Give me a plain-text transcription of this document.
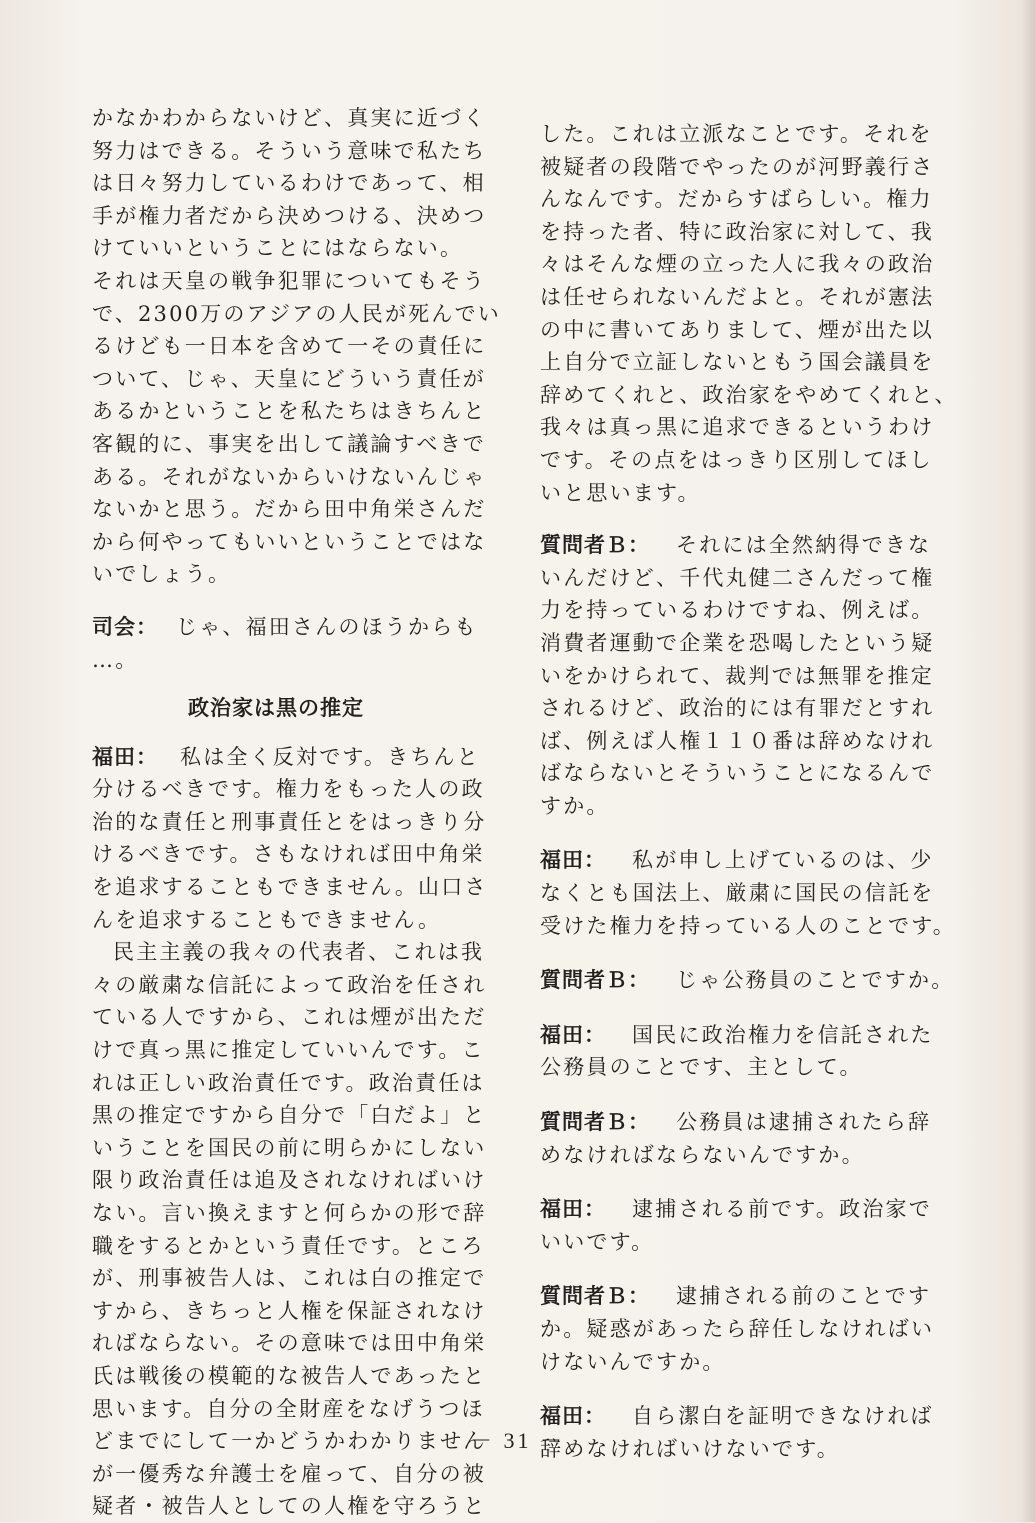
かなかわからないけど、真実に近づく
努力はできる。そういう意味で私たち
は日々努力しているわけであって、相
手が権力者だから決めつける、決めつ
けていいということにはならない。
それは天皇の戦争犯罪についてもそう
で、2300万のアジアの人民が死んでい
るけども一日本を含めて一その責任に
ついて、じゃ、天皇にどういう責任が
あるかということを私たちはきちんと
客観的に、事実を出して議論すべきで
ある。それがないからいけないんじゃ
ないかと思う。だから田中角栄さんだ
から何やってもいいということではな
いでしょう。
司会： じゃ、福田さんのほうからも
…。
政治家は黒の推定
福田： 私は全く反対です。きちんと
分けるべきです。権力をもった人の政
治的な責任と刑事責任とをはっきり分
けるべきです。さもなければ田中角栄
を追求することもできません。山口さ
んを追求することもできません。
民主主義の我々の代表者、これは我
々の厳粛な信託によって政治を任され
ている人ですから、これは煙が出ただ
けで真っ黒に推定していいんです。こ
れは正しい政治責任です。政治責任は
黒の推定ですから自分で「白だよ」と
いうことを国民の前に明らかにしない
限り政治責任は追及されなければいけ
ない。言い換えますと何らかの形で辞
職をするとかという責任です。ところ
が、刑事被告人は、これは白の推定で
すから、きちっと人権を保証されなけ
ればならない。その意味では田中角栄
氏は戦後の模範的な被告人であったと
思います。自分の全財産をなげうつほ
どまでにして一かどうかわかりません
が一優秀な弁護士を雇って、自分の被
疑者・被告人としての人権を守ろうと
した。これは立派なことです。それを
被疑者の段階でやったのが河野義行さ
んなんです。だからすばらしい。権力
を持った者、特に政治家に対して、我
々はそんな煙の立った人に我々の政治
は任せられないんだよと。それが憲法
の中に書いてありまして、煙が出た以
上自分で立証しないともう国会議員を
辞めてくれと、政治家をやめてくれと、
我々は真っ黒に追求できるというわけ
です。その点をはっきり区別してほし
いと思います。
質問者Ｂ： それには全然納得できな
いんだけど、千代丸健二さんだって権
力を持っているわけですね、例えば。
消費者運動で企業を恐喝したという疑
いをかけられて、裁判では無罪を推定
されるけど、政治的には有罪だとすれ
ば、例えば人権１１０番は辞めなけれ
ばならないとそういうことになるんで
すか。
福田： 私が申し上げているのは、少
なくとも国法上、厳粛に国民の信託を
受けた権力を持っている人のことです。
質問者Ｂ： じゃ公務員のことですか。
福田： 国民に政治権力を信託された
公務員のことです、主として。
質問者Ｂ： 公務員は逮捕されたら辞
めなければならないんですか。
福田： 逮捕される前です。政治家で
いいです。
質問者Ｂ： 逮捕される前のことです
か。疑惑があったら辞任しなければい
けないんですか。
福田： 自ら潔白を証明できなければ
辞めなければいけないです。
－ 31 －
